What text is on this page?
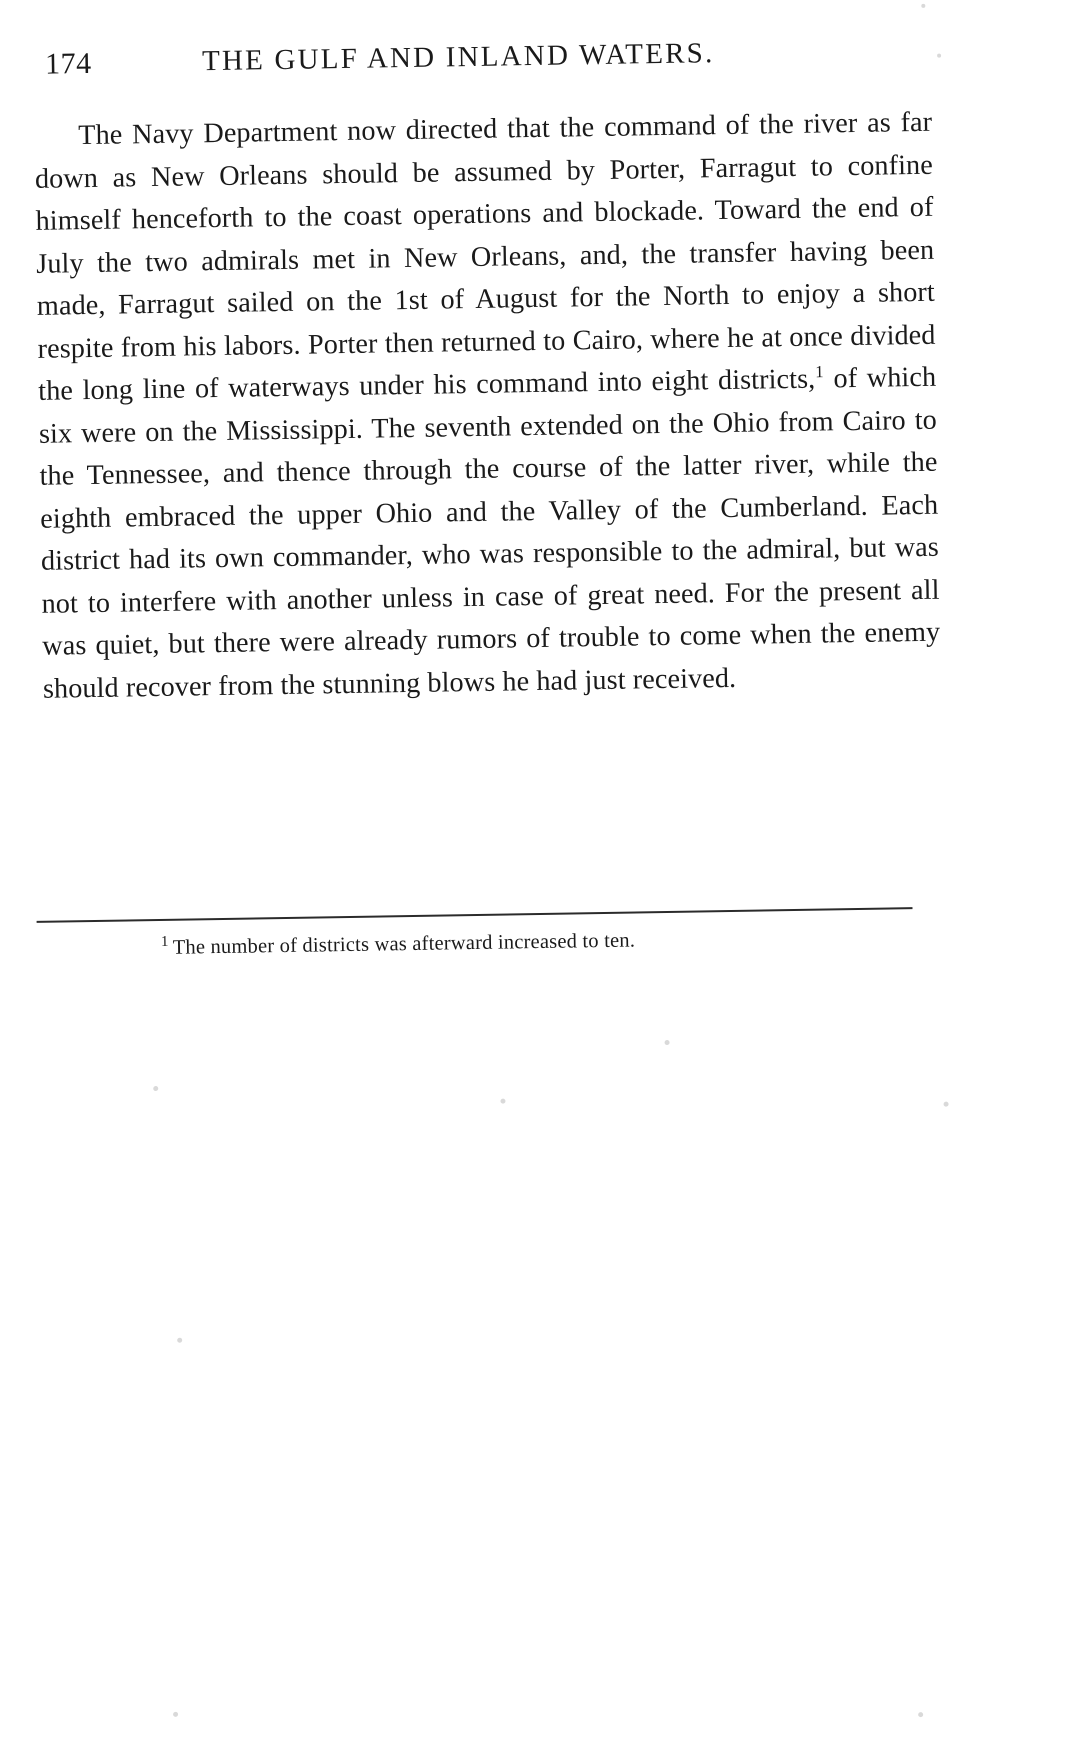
174	THE GULF AND INLAND WATERS.

The Navy Department now directed that the command of the river as far down as New Orleans should be assumed by Porter, Farragut to confine himself henceforth to the coast operations and blockade. Toward the end of July the two admirals met in New Orleans, and, the transfer having been made, Farragut sailed on the 1st of August for the North to enjoy a short respite from his labors. Porter then returned to Cairo, where he at once divided the long line of waterways under his command into eight districts,$^1$ of which six were on the Mississippi. The seventh extended on the Ohio from Cairo to the Tennessee, and thence through the course of the latter river, while the eighth embraced the upper Ohio and the Valley of the Cumberland. Each district had its own commander, who was responsible to the admiral, but was not to interfere with another unless in case of great need. For the present all was quiet, but there were already rumors of trouble to come when the enemy should recover from the stunning blows he had just received.

$^1$ The number of districts was afterward increased to ten.
